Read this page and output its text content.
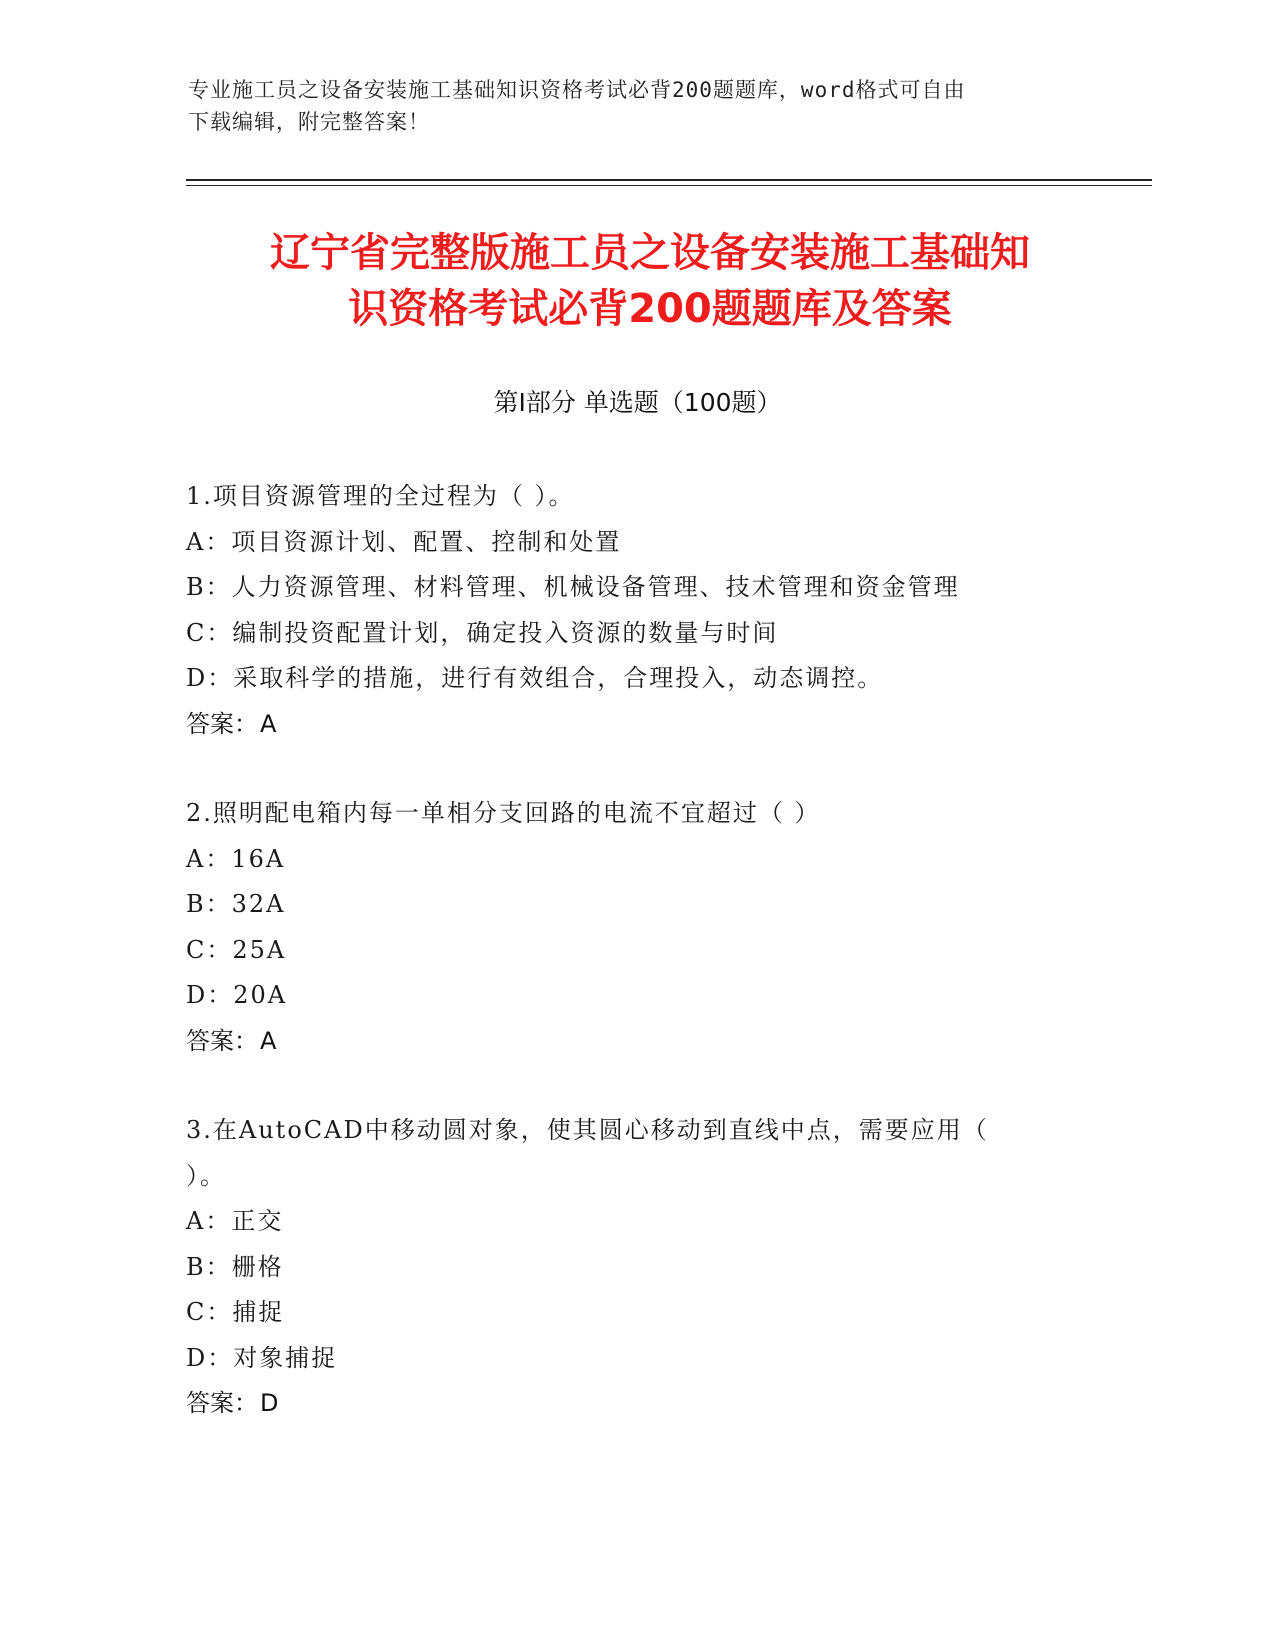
专业施工员之设备安装施工基础知识资格考试必背200题题库，word格式可自由
下载编辑，附完整答案！
辽宁省完整版施工员之设备安装施工基础知
识资格考试必背200题题库及答案
第Ⅰ部分 单选题（100题）

1.项目资源管理的全过程为（ ）。

A：项目资源计划、配置、控制和处置

B：人力资源管理、材料管理、机械设备管理、技术管理和资金管理

C：编制投资配置计划，确定投入资源的数量与时间

D：采取科学的措施，进行有效组合，合理投入，动态调控。

答案：A

2.照明配电箱内每一单相分支回路的电流不宜超过（ ）

A：16A

B：32A

C：25A

D：20A

答案：A

3.在AutoCAD中移动圆对象，使其圆心移动到直线中点，需要应用（

）。

A：正交

B：栅格

C：捕捉

D：对象捕捉

答案：D
